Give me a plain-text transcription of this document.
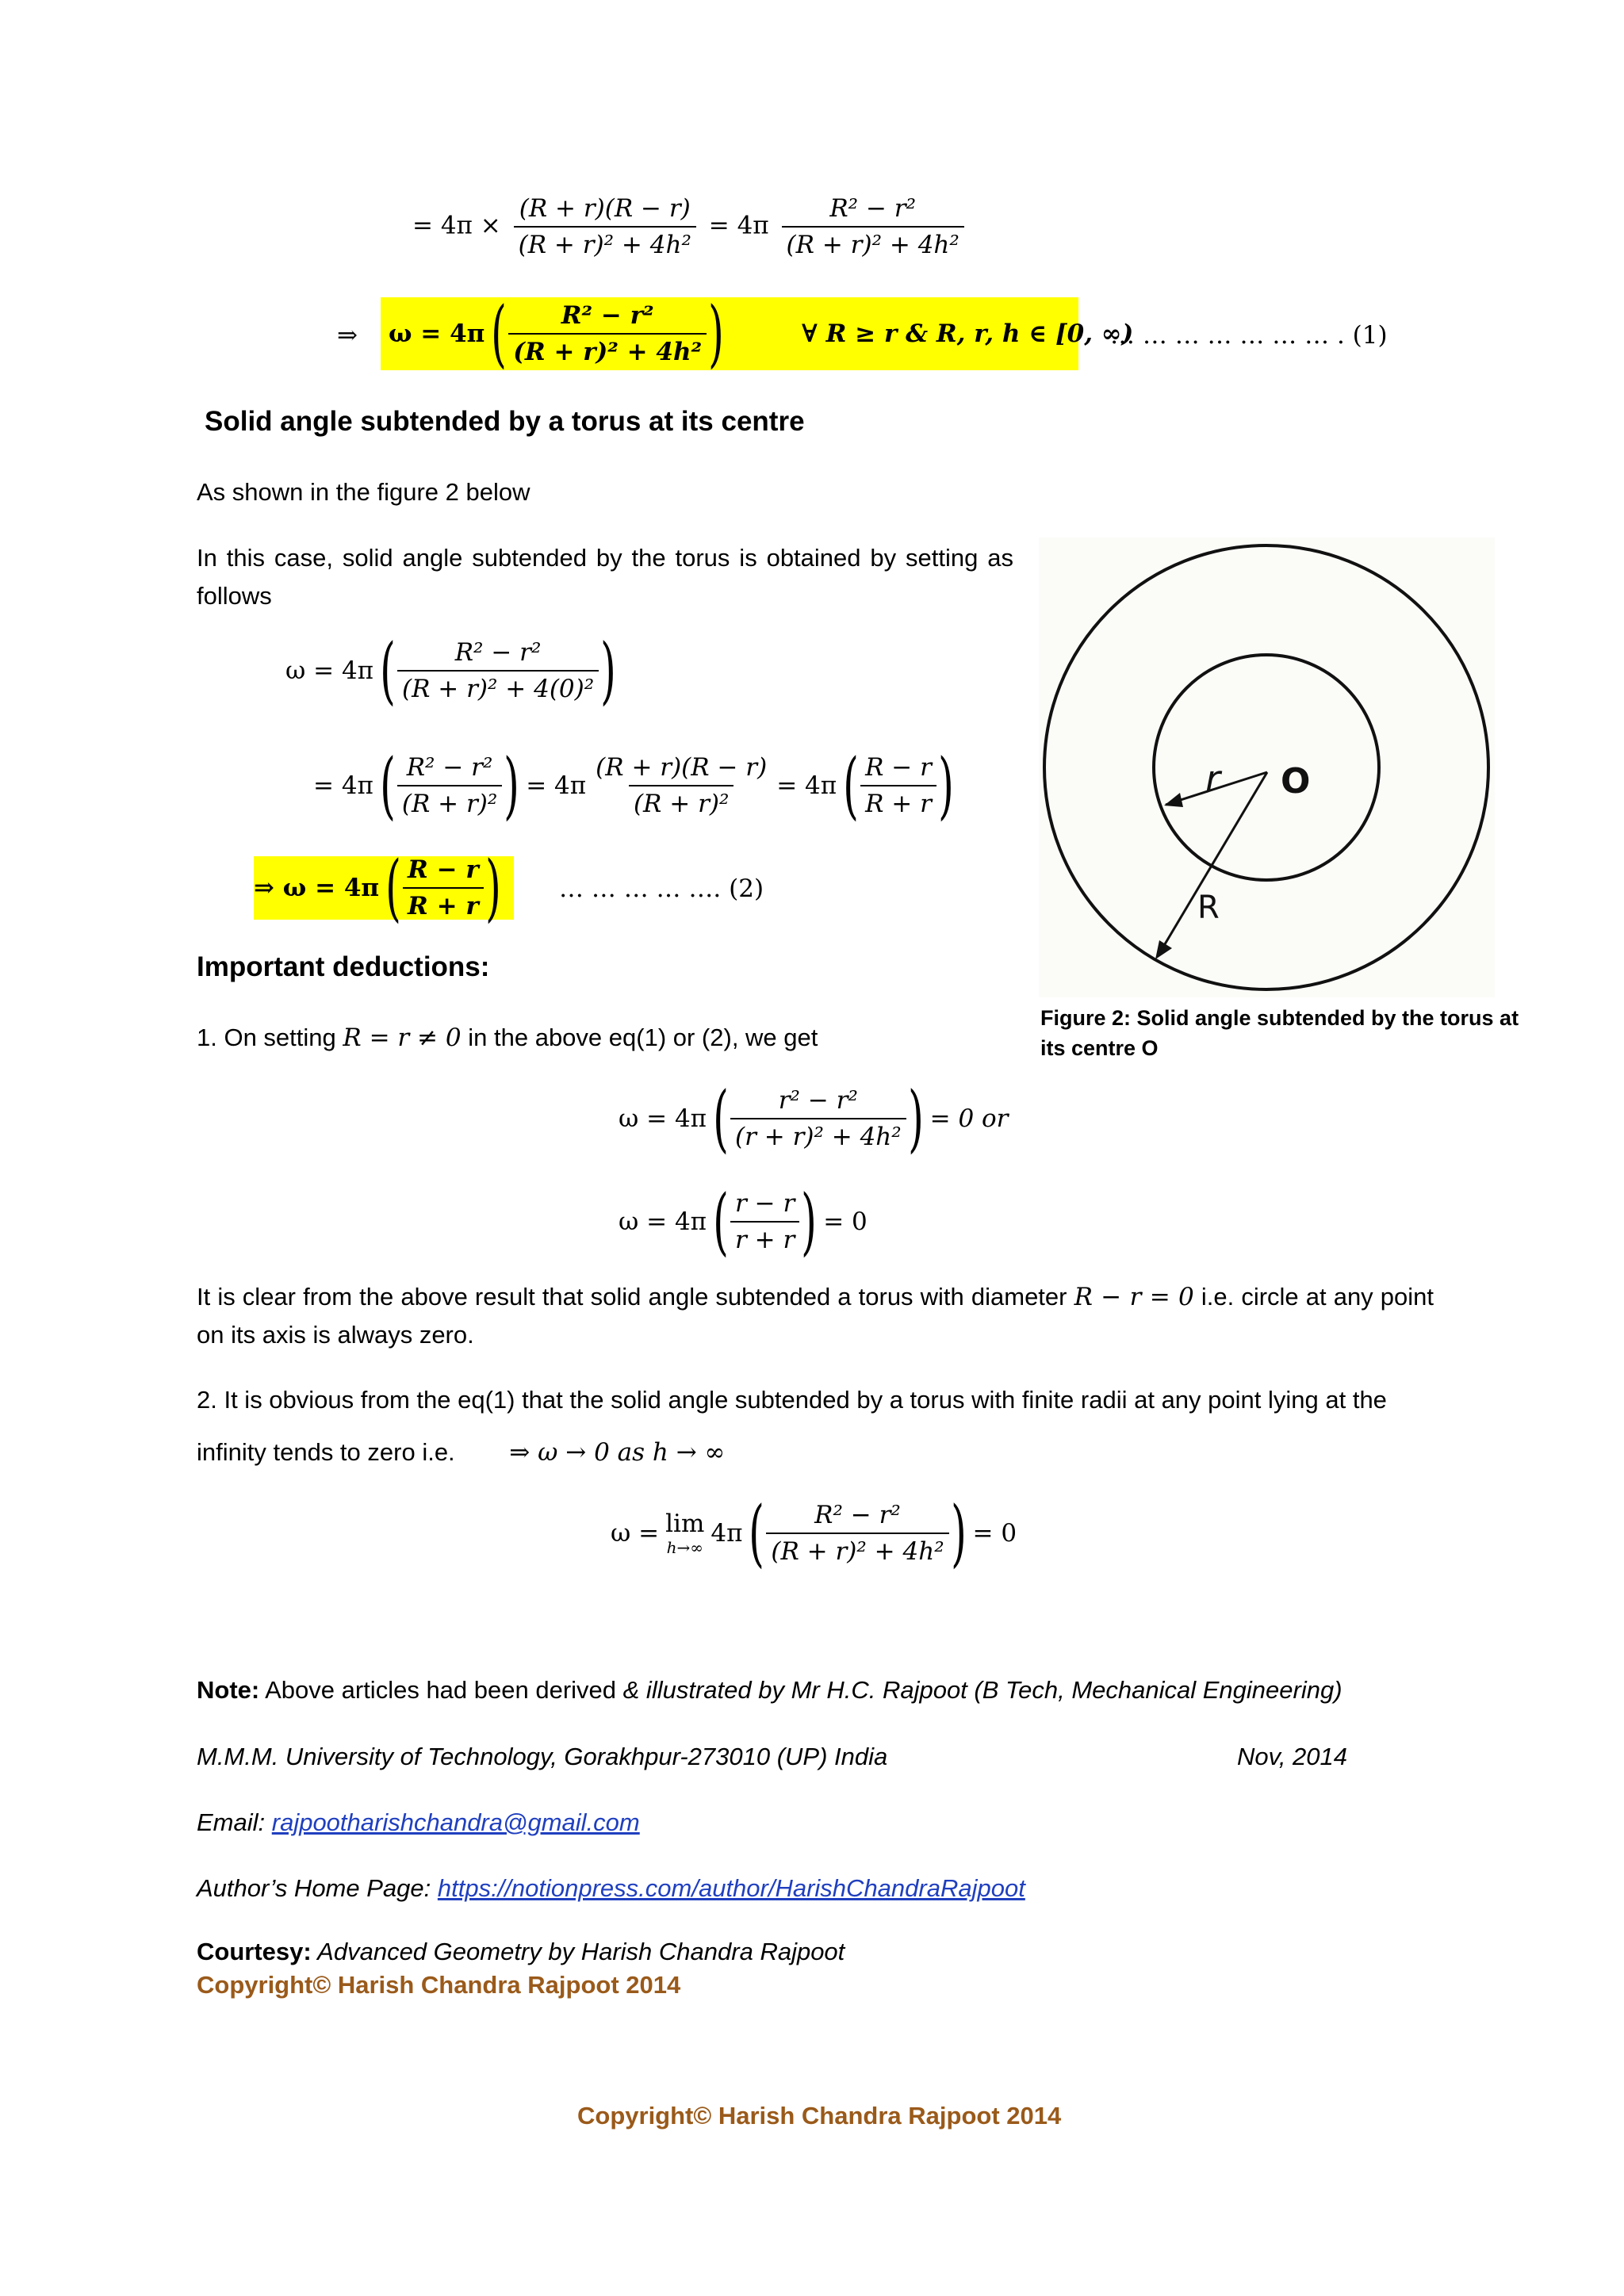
= $4\pi \times \frac{(R + r)(R - r)}{\text{(R + r)² + 4h²}} = 4\pi \frac{\text{R² − r²}}{\text{(R + r)² + 4h²}}$
⇒ ω = 4π ( $\frac{\text{R² − r²}}{\text{(R + r)² + 4h²}}$ )	∀ R ≥ r & R, r, h ∈ [0, ∞)
… … … … … … … . (1)
Solid angle subtended by a torus at its centre
As shown in the figure 2 below
In this case, solid angle subtended by the torus is obtained by setting as follows
ω = 4π ( $\frac{\text{R² − r²}}{\text{(R + r)² + 4(0)²}}$ )
= 4π ( $\frac{\text{R² − r²}}{\text{(R + r)²}}$ ) = $4\pi \frac{(R + r)(R - r)}{\text{(R + r)²}} = 4\pi$ ( $\frac{R - r}{R + r}$ )
⇒ ω = 4π ( $\frac{R - r}{R + r}$ ) … … … … …. (2)
r O
R
Figure 2: Solid angle subtended by the torus at its centre O
Important deductions:
1. On setting R = r ≠ 0 in the above eq(1) or (2), we get
ω = 4π ( $\frac{\text{r² − r²}}{\text{(r + r)² + 4h²}}$ ) = 0 or
ω = 4π ( $\frac{r - r}{r + r}$ ) = 0
It is clear from the above result that solid angle subtended a torus with diameter R − r = 0 i.e. circle at any point on its axis is always zero.
2. It is obvious from the eq(1) that the solid angle subtended by a torus with finite radii at any point lying at the
infinity tends to zero i.e. ⇒ ω → 0 as h → ∞
ω = lim
h→∞ 4π ( $\frac{\text{R² − r²}}{\text{(R + r)² + 4h²}}$ ) = 0
Note: Above articles had been derived & illustrated by Mr H.C. Rajpoot (B Tech, Mechanical Engineering)
M.M.M. University of Technology, Gorakhpur-273010 (UP) India	Nov, 2014
Email: rajpootharishchandra@gmail.com
Author’s Home Page: https://notionpress.com/author/HarishChandraRajpoot
Courtesy: Advanced Geometry by Harish Chandra Rajpoot
Copyright© Harish Chandra Rajpoot 2014
Copyright© Harish Chandra Rajpoot 2014
